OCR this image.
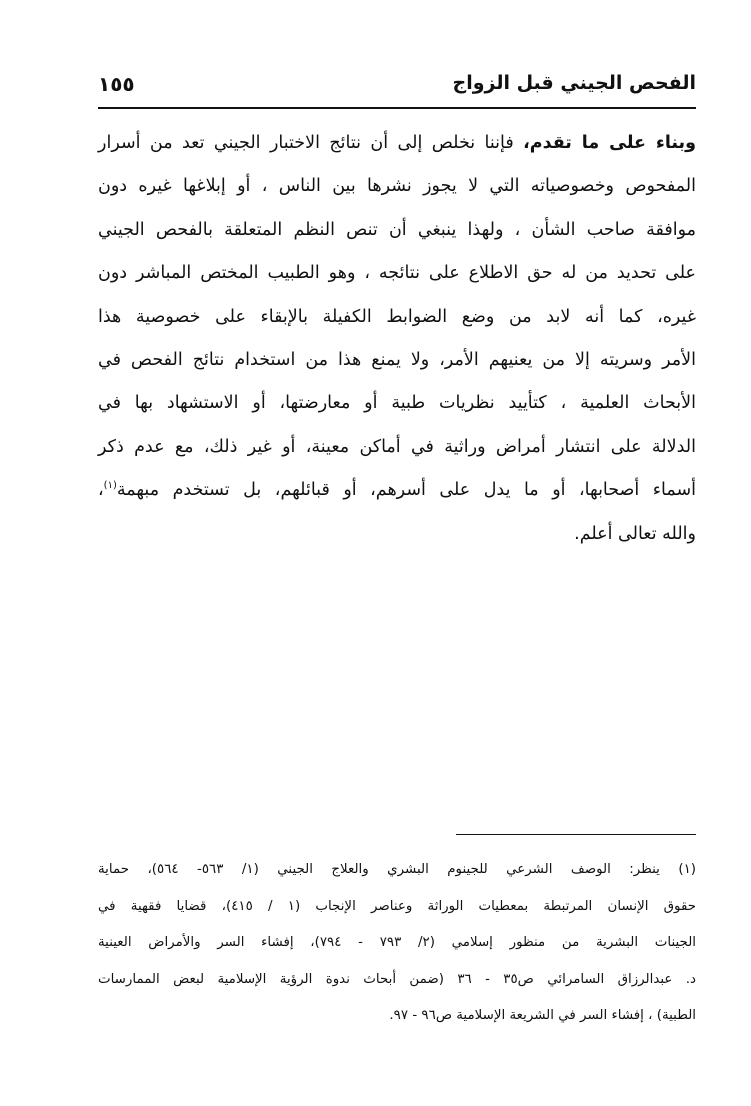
الفحص الجيني قبل الزواج
١٥٥
وبناء على ما تقدم، فإننا نخلص إلى أن نتائج الاختبار الجيني تعد من أسرار
المفحوص وخصوصياته التي لا يجوز نشرها بين الناس ، أو إبلاغها غيره دون
موافقة صاحب الشأن ، ولهذا ينبغي أن تنص النظم المتعلقة بالفحص الجيني
على تحديد من له حق الاطلاع على نتائجه ، وهو الطبيب المختص المباشر دون
غيره، كما أنه لابد من وضع الضوابط الكفيلة بالإبقاء على خصوصية هذا
الأمر وسريته إلا من يعنيهم الأمر، ولا يمنع هذا من استخدام نتائج الفحص في
الأبحاث العلمية ، كتأييد نظريات طبية أو معارضتها، أو الاستشهاد بها في
الدلالة على انتشار أمراض وراثية في أماكن معينة، أو غير ذلك، مع عدم ذكر
أسماء أصحابها، أو ما يدل على أسرهم، أو قبائلهم، بل تستخدم مبهمة$^{(١)}$،
والله تعالى أعلم.
(١) ينظر: الوصف الشرعي للجينوم البشري والعلاج الجيني (١/ ٥٦٣- ٥٦٤)، حماية
حقوق الإنسان المرتبطة بمعطيات الوراثة وعناصر الإنجاب (١ / ٤١٥)، قضايا فقهية في
الجينات البشرية من منظور إسلامي (٢/ ٧٩٣ - ٧٩٤)، إفشاء السر والأمراض العينية
د. عبدالرزاق السامرائي ص٣٥ - ٣٦ (ضمن أبحاث ندوة الرؤية الإسلامية لبعض الممارسات
الطبية) ، إفشاء السر في الشريعة الإسلامية ص٩٦ - ٩٧.
